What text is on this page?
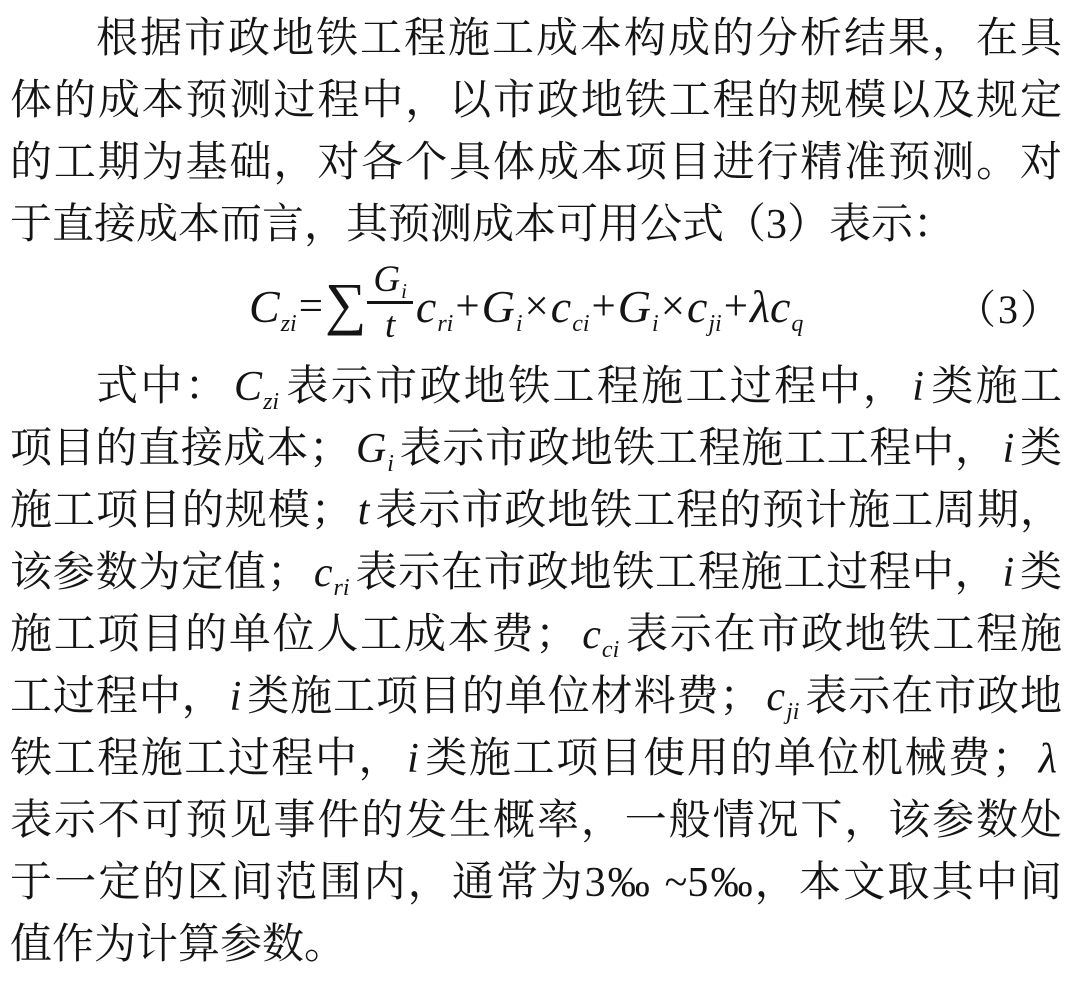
根据市政地铁工程施工成本构成的分析结果，在具
体的成本预测过程中，以市政地铁工程的规模以及规定
的工期为基础，对各个具体成本项目进行精准预测。对
于直接成本而言，其预测成本可用公式（3）表示：
$C_{zi}$ = ∑ $\frac{G_i}{t} c_{ri} + G_i \times c_{ci} + G_i \times c_{ji} + \lambda c_q$	（3）
式中： $C_{zi}$ 表示市政地铁工程施工过程中， i 类施工
项目的直接成本； $G_i$ 表示市政地铁工程施工工程中， i 类
施工项目的规模； t 表示市政地铁工程的预计施工周期，
该参数为定值； $c_{ri}$ 表示在市政地铁工程施工过程中， i 类
施工项目的单位人工成本费； $c_{ci}$ 表示在市政地铁工程施
工过程中， i 类施工项目的单位材料费； $c_{ji}$ 表示在市政地
铁工程施工过程中， i 类施工项目使用的单位机械费； λ
表示不可预见事件的发生概率，一般情况下，该参数处
于一定的区间范围内，通常为3‰ ~5‰，本文取其中间
值作为计算参数。
